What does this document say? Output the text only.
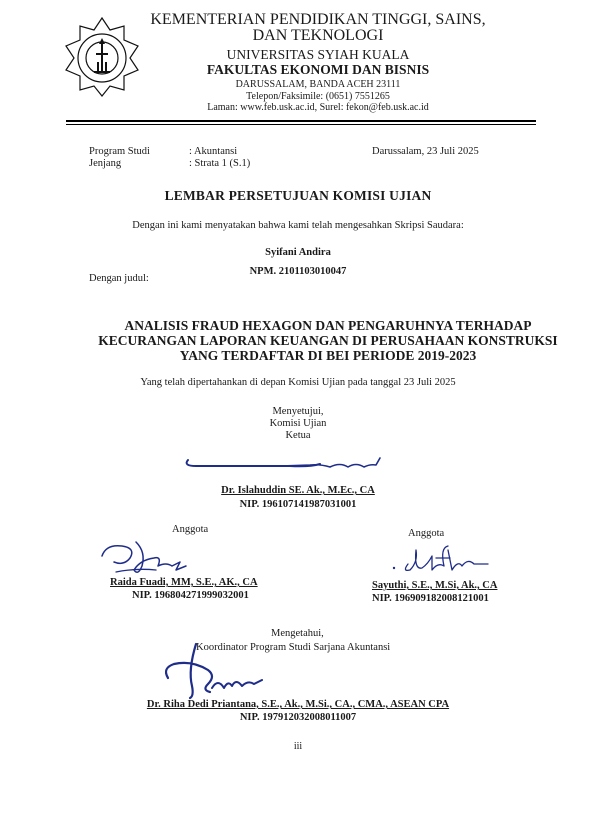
KEMENTERIAN PENDIDIKAN TINGGI, SAINS,
DAN TEKNOLOGI
UNIVERSITAS SYIAH KUALA
FAKULTAS EKONOMI DAN BISNIS
DARUSSALAM, BANDA ACEH 23111
Telepon/Faksimile: (0651) 7551265
Laman: www.feb.usk.ac.id, Surel: fekon@feb.usk.ac.id
Program Studi	: Akuntansi
Jenjang	: Strata 1 (S.1)
Darussalam, 23 Juli 2025
LEMBAR PERSETUJUAN KOMISI UJIAN
Dengan ini kami menyatakan bahwa kami telah mengesahkan Skripsi Saudara:
Syifani Andira
NPM. 2101103010047
Dengan judul:
ANALISIS FRAUD HEXAGON DAN PENGARUHNYA TERHADAP
KECURANGAN LAPORAN KEUANGAN DI PERUSAHAAN KONSTRUKSI
YANG TERDAFTAR DI BEI PERIODE 2019-2023
Yang telah dipertahankan di depan Komisi Ujian pada tanggal 23 Juli 2025
Menyetujui,
Komisi Ujian
Ketua
Dr. Islahuddin SE. Ak., M.Ec., CA
NIP. 196107141987031001
Anggota	Anggota
Raida Fuadi, MM, S.E., AK., CA
NIP. 196804271999032001
Sayuthi, S.E., M.Si, Ak., CA
NIP. 196909182008121001
Mengetahui,
Koordinator Program Studi Sarjana Akuntansi
Dr. Riha Dedi Priantana, S.E., Ak., M.Si., CA., CMA., ASEAN CPA
NIP. 197912032008011007
iii
